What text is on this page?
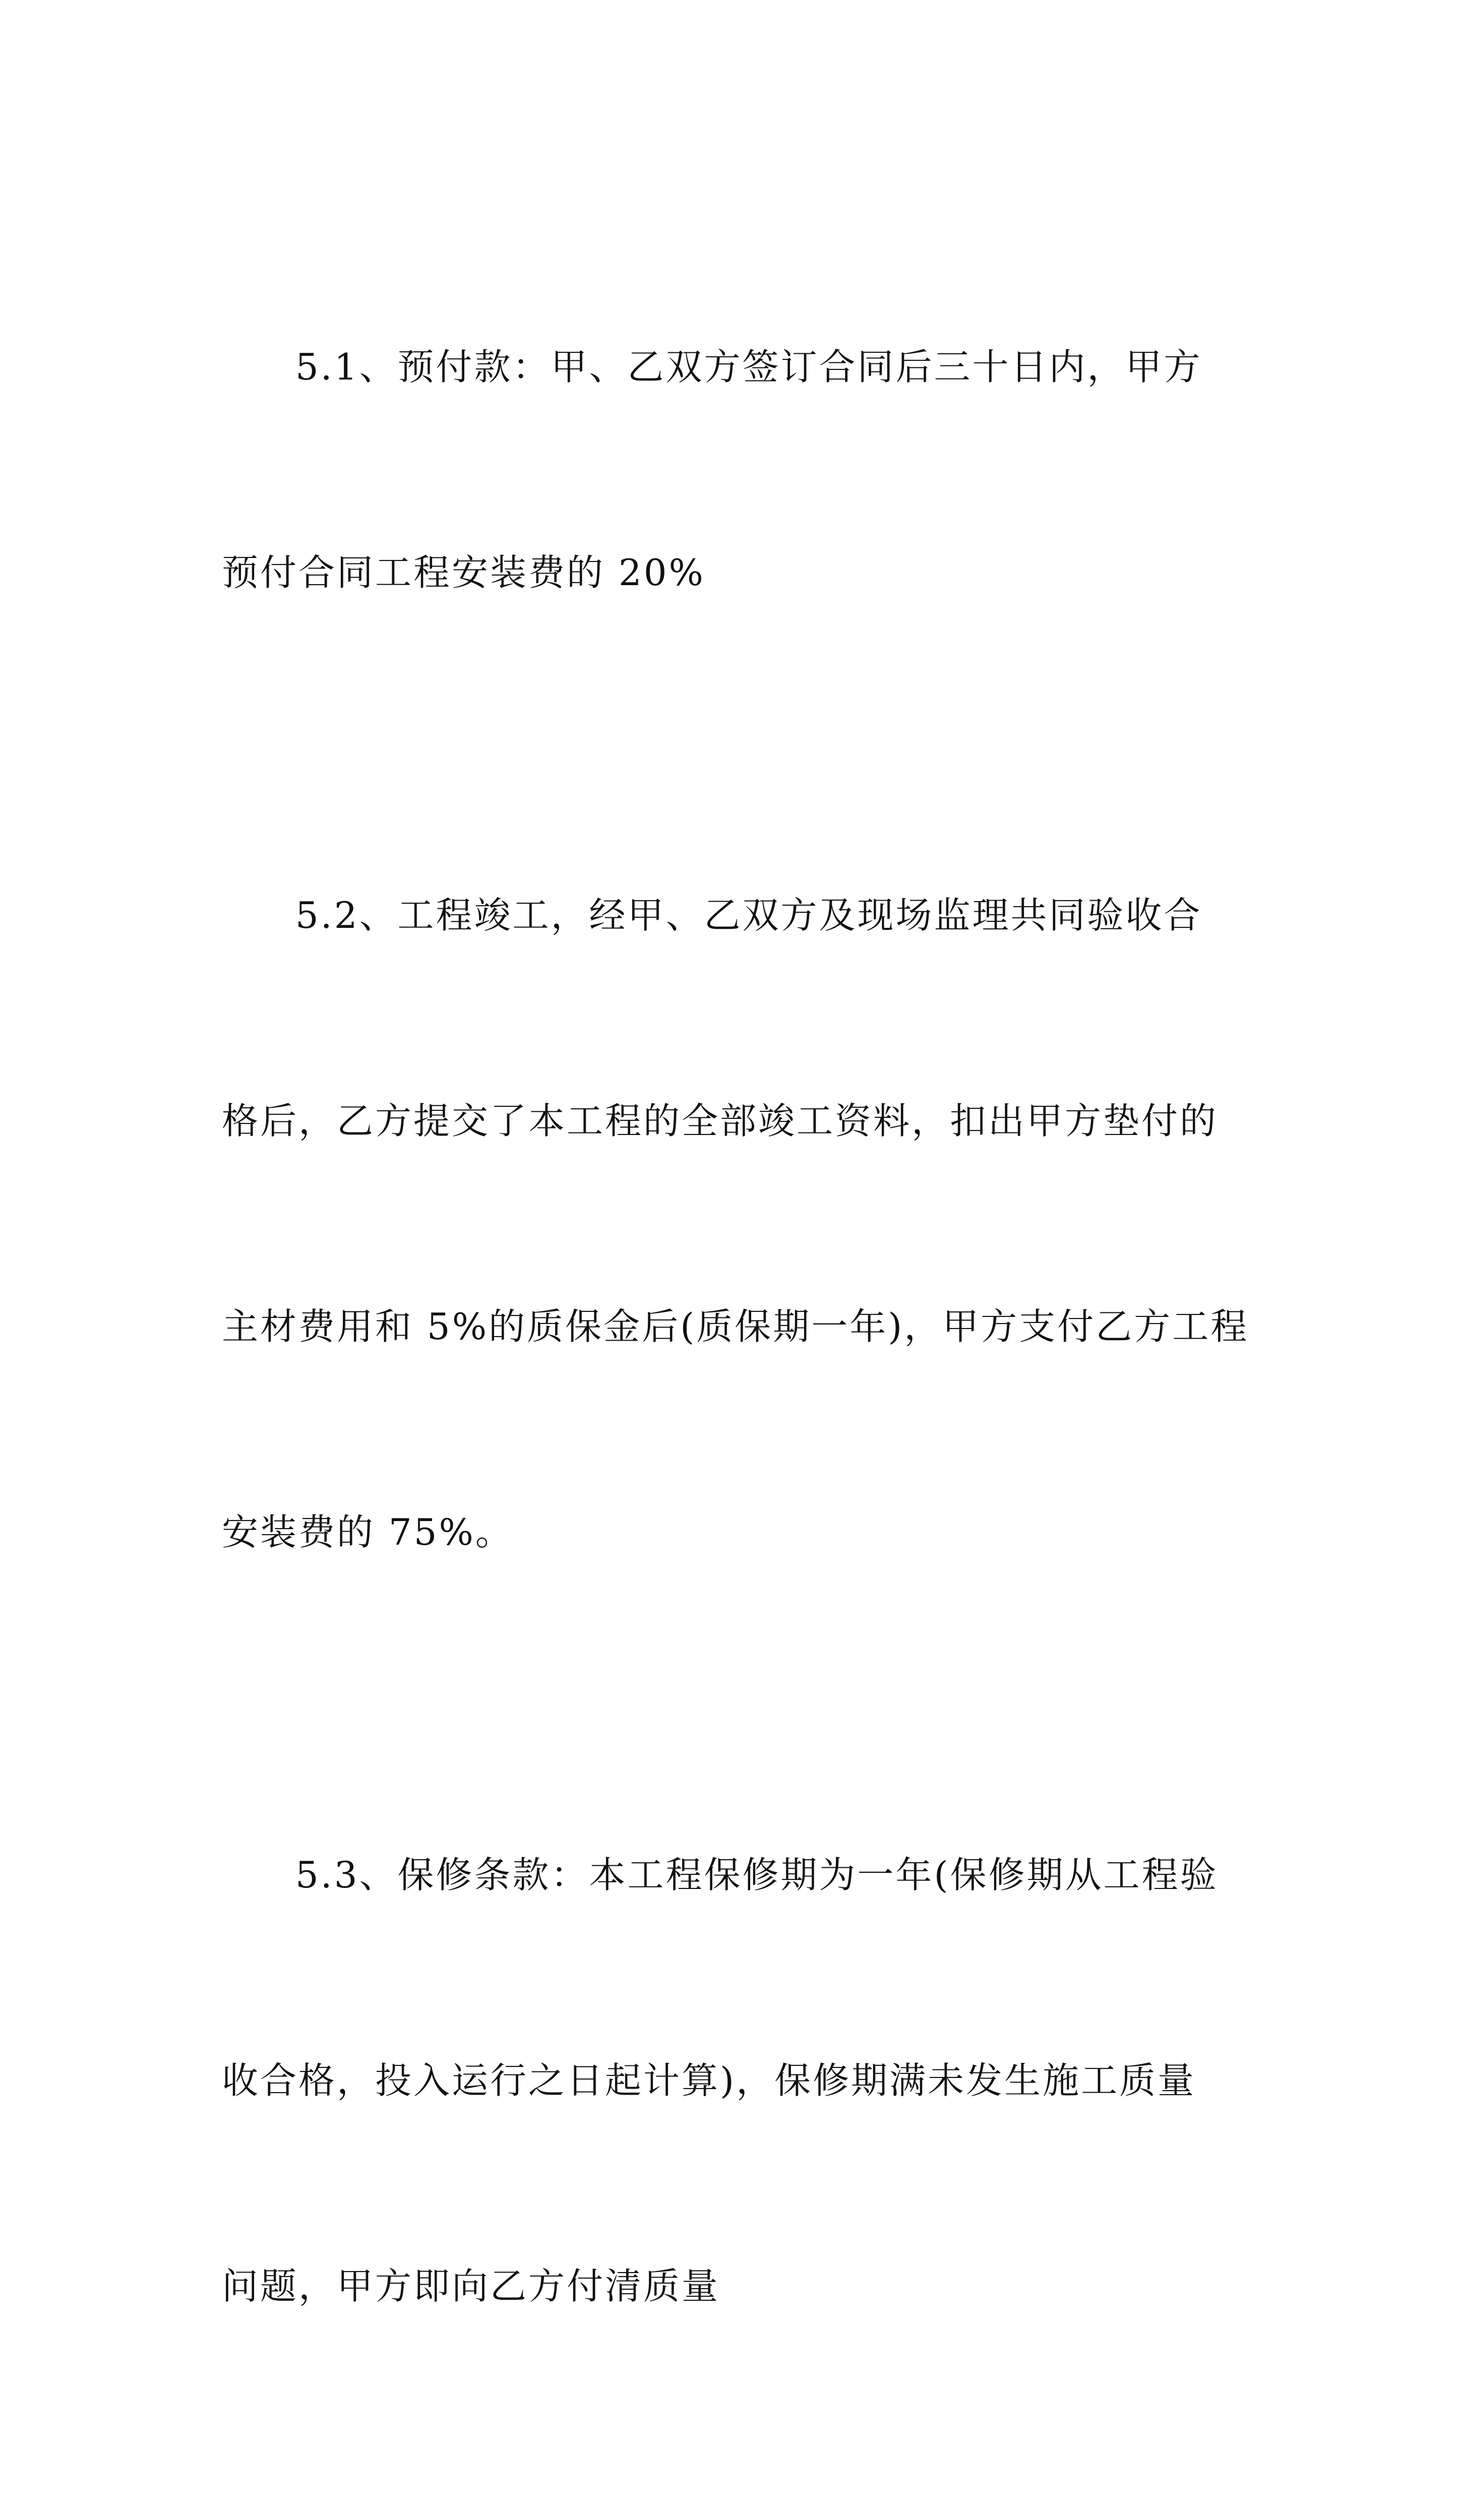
5.1、预付款：甲、乙双方签订合同后三十日内，甲方

预付合同工程安装费的 20%

5.2、工程竣工，经甲、乙双方及现场监理共同验收合

格后，乙方提交了本工程的全部竣工资料，扣出甲方垫付的

主材费用和 5%的质保金后(质保期一年)，甲方支付乙方工程

安装费的 75%。

5.3、保修条款：本工程保修期为一年(保修期从工程验

收合格，投入运行之日起计算)，保修期满未发生施工质量

问题，甲方即向乙方付清质量
